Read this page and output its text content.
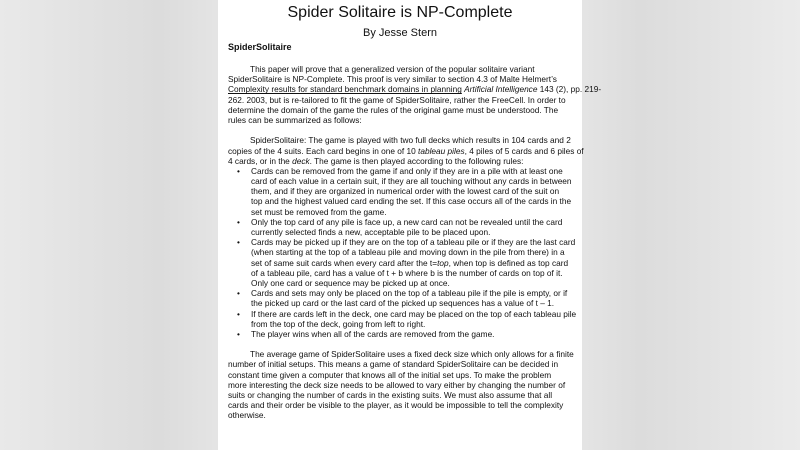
Spider Solitaire is NP-Complete
By Jesse Stern
SpiderSolitaire
This paper will prove that a generalized version of the popular solitaire variant
SpiderSolitaire is NP-Complete. This proof is very similar to section 4.3 of Malte Helmert’s
Complexity results for standard benchmark domains in planning Artificial Intelligence 143 (2), pp. 219-
262. 2003, but is re-tailored to fit the game of SpiderSolitaire, rather the FreeCell. In order to
determine the domain of the game the rules of the original game must be understood. The
rules can be summarized as follows:
SpiderSolitaire: The game is played with two full decks which results in 104 cards and 2
copies of the 4 suits. Each card begins in one of 10 tableau piles, 4 piles of 5 cards and 6 piles of
4 cards, or in the deck. The game is then played according to the following rules:
• Cards can be removed from the game if and only if they are in a pile with at least one
card of each value in a certain suit, if they are all touching without any cards in between
them, and if they are organized in numerical order with the lowest card of the suit on
top and the highest valued card ending the set. If this case occurs all of the cards in the
set must be removed from the game.
• Only the top card of any pile is face up, a new card can not be revealed until the card
currently selected finds a new, acceptable pile to be placed upon.
• Cards may be picked up if they are on the top of a tableau pile or if they are the last card
(when starting at the top of a tableau pile and moving down in the pile from there) in a
set of same suit cards when every card after the t=top, when top is defined as top card
of a tableau pile, card has a value of t + b where b is the number of cards on top of it.
Only one card or sequence may be picked up at once.
• Cards and sets may only be placed on the top of a tableau pile if the pile is empty, or if
the picked up card or the last card of the picked up sequences has a value of t – 1.
• If there are cards left in the deck, one card may be placed on the top of each tableau pile
from the top of the deck, going from left to right.
• The player wins when all of the cards are removed from the game.
The average game of SpiderSolitaire uses a fixed deck size which only allows for a finite
number of initial setups. This means a game of standard SpiderSolitaire can be decided in
constant time given a computer that knows all of the initial set ups. To make the problem
more interesting the deck size needs to be allowed to vary either by changing the number of
suits or changing the number of cards in the existing suits. We must also assume that all
cards and their order be visible to the player, as it would be impossible to tell the complexity
otherwise.
